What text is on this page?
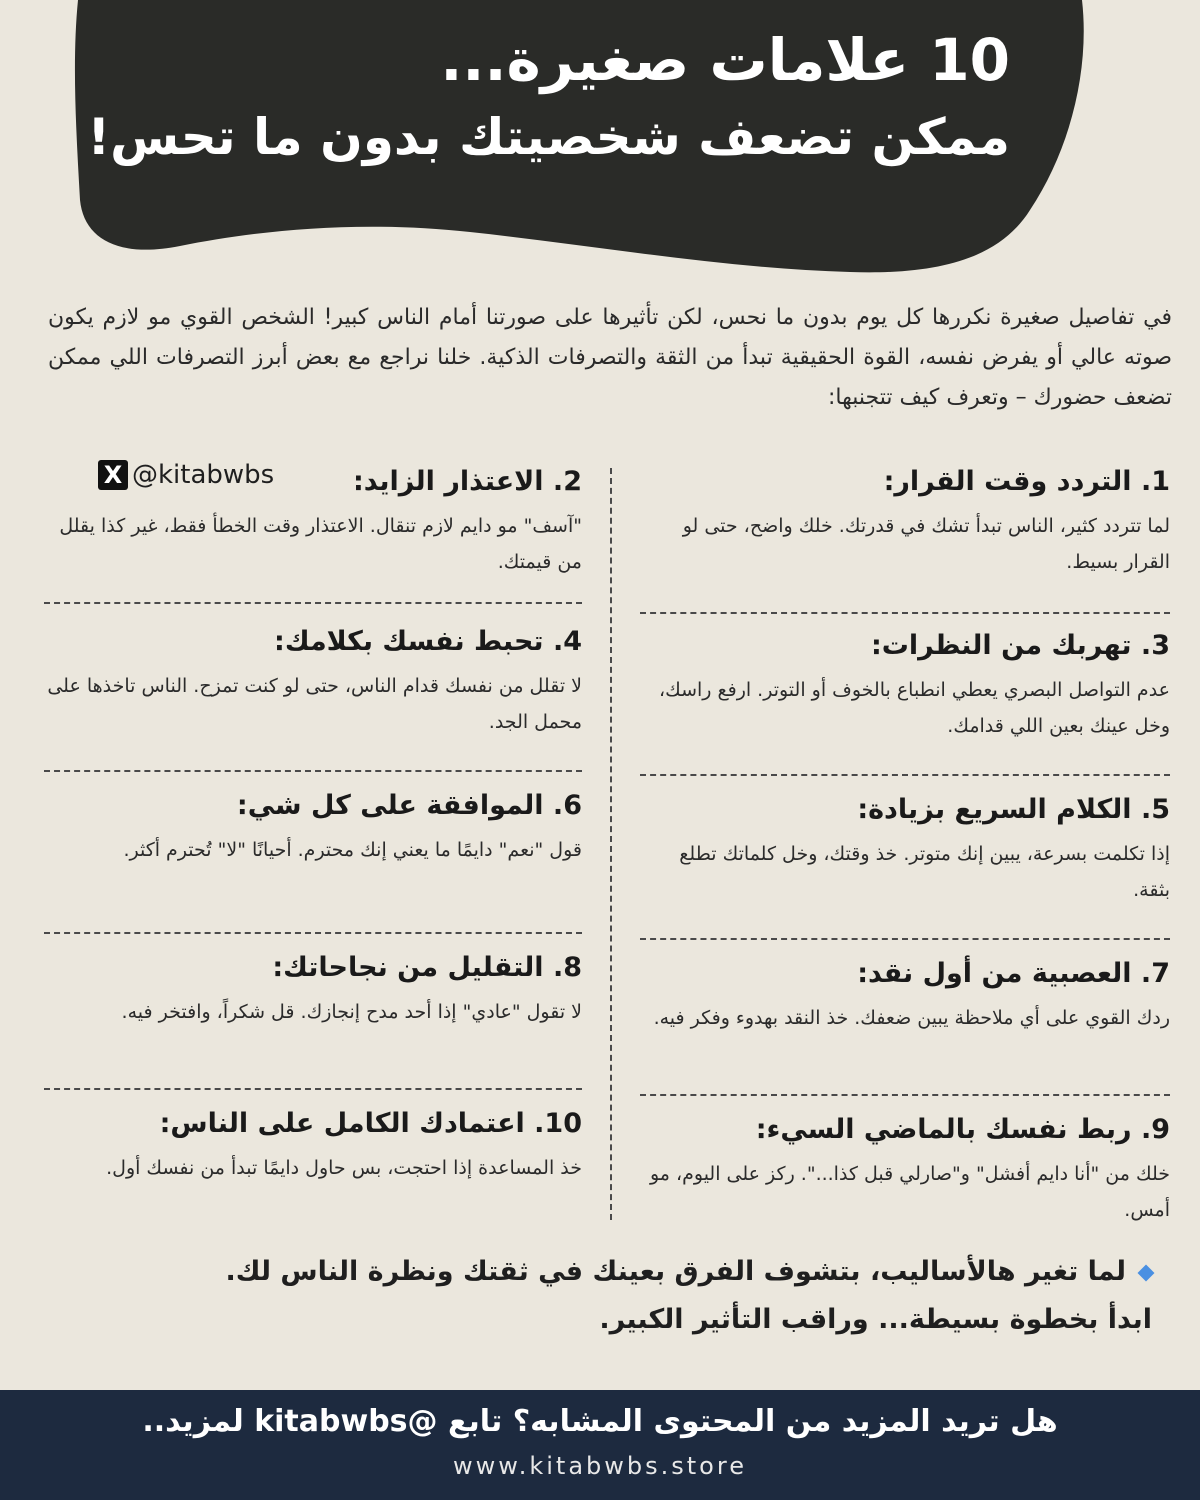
10 علامات صغيرة...
ممكن تضعف شخصيتك بدون ما تحس!
في تفاصيل صغيرة نكررها كل يوم بدون ما نحس، لكن تأثيرها على صورتنا أمام الناس كبير! الشخص القوي مو لازم يكون صوته عالي أو يفرض نفسه، القوة الحقيقية تبدأ من الثقة والتصرفات الذكية. خلنا نراجع مع بعض أبرز التصرفات اللي ممكن تضعف حضورك – وتعرف كيف تتجنبها:
X @kitabwbs	1. التردد وقت القرار:

لما تتردد كثير، الناس تبدأ تشك في قدرتك. خلك واضح، حتى لو القرار بسيط.

3. تهربك من النظرات:

عدم التواصل البصري يعطي انطباع بالخوف أو التوتر. ارفع راسك، وخل عينك بعين اللي قدامك.

5. الكلام السريع بزيادة:

إذا تكلمت بسرعة، يبين إنك متوتر. خذ وقتك، وخل كلماتك تطلع بثقة.

7. العصبية من أول نقد:

ردك القوي على أي ملاحظة يبين ضعفك. خذ النقد بهدوء وفكر فيه.

9. ربط نفسك بالماضي السيء:

خلك من "أنا دايم أفشل" و"صارلي قبل كذا...". ركز على اليوم، مو أمس.

2. الاعتذار الزايد:

"آسف" مو دايم لازم تنقال. الاعتذار وقت الخطأ فقط، غير كذا يقلل من قيمتك.

4. تحبط نفسك بكلامك:

لا تقلل من نفسك قدام الناس، حتى لو كنت تمزح. الناس تاخذها على محمل الجد.

6. الموافقة على كل شي:

قول "نعم" دايمًا ما يعني إنك محترم. أحيانًا "لا" تُحترم أكثر.

8. التقليل من نجاحاتك:

لا تقول "عادي" إذا أحد مدح إنجازك. قل شكراً، وافتخر فيه.

10. اعتمادك الكامل على الناس:

خذ المساعدة إذا احتجت، بس حاول دايمًا تبدأ من نفسك أول.

لما تغير هالأساليب، بتشوف الفرق بعينك في ثقتك ونظرة الناس لك.
ابدأ بخطوة بسيطة... وراقب التأثير الكبير.
هل تريد المزيد من المحتوى المشابه؟ تابع @kitabwbs لمزيد..
www.kitabwbs.store
